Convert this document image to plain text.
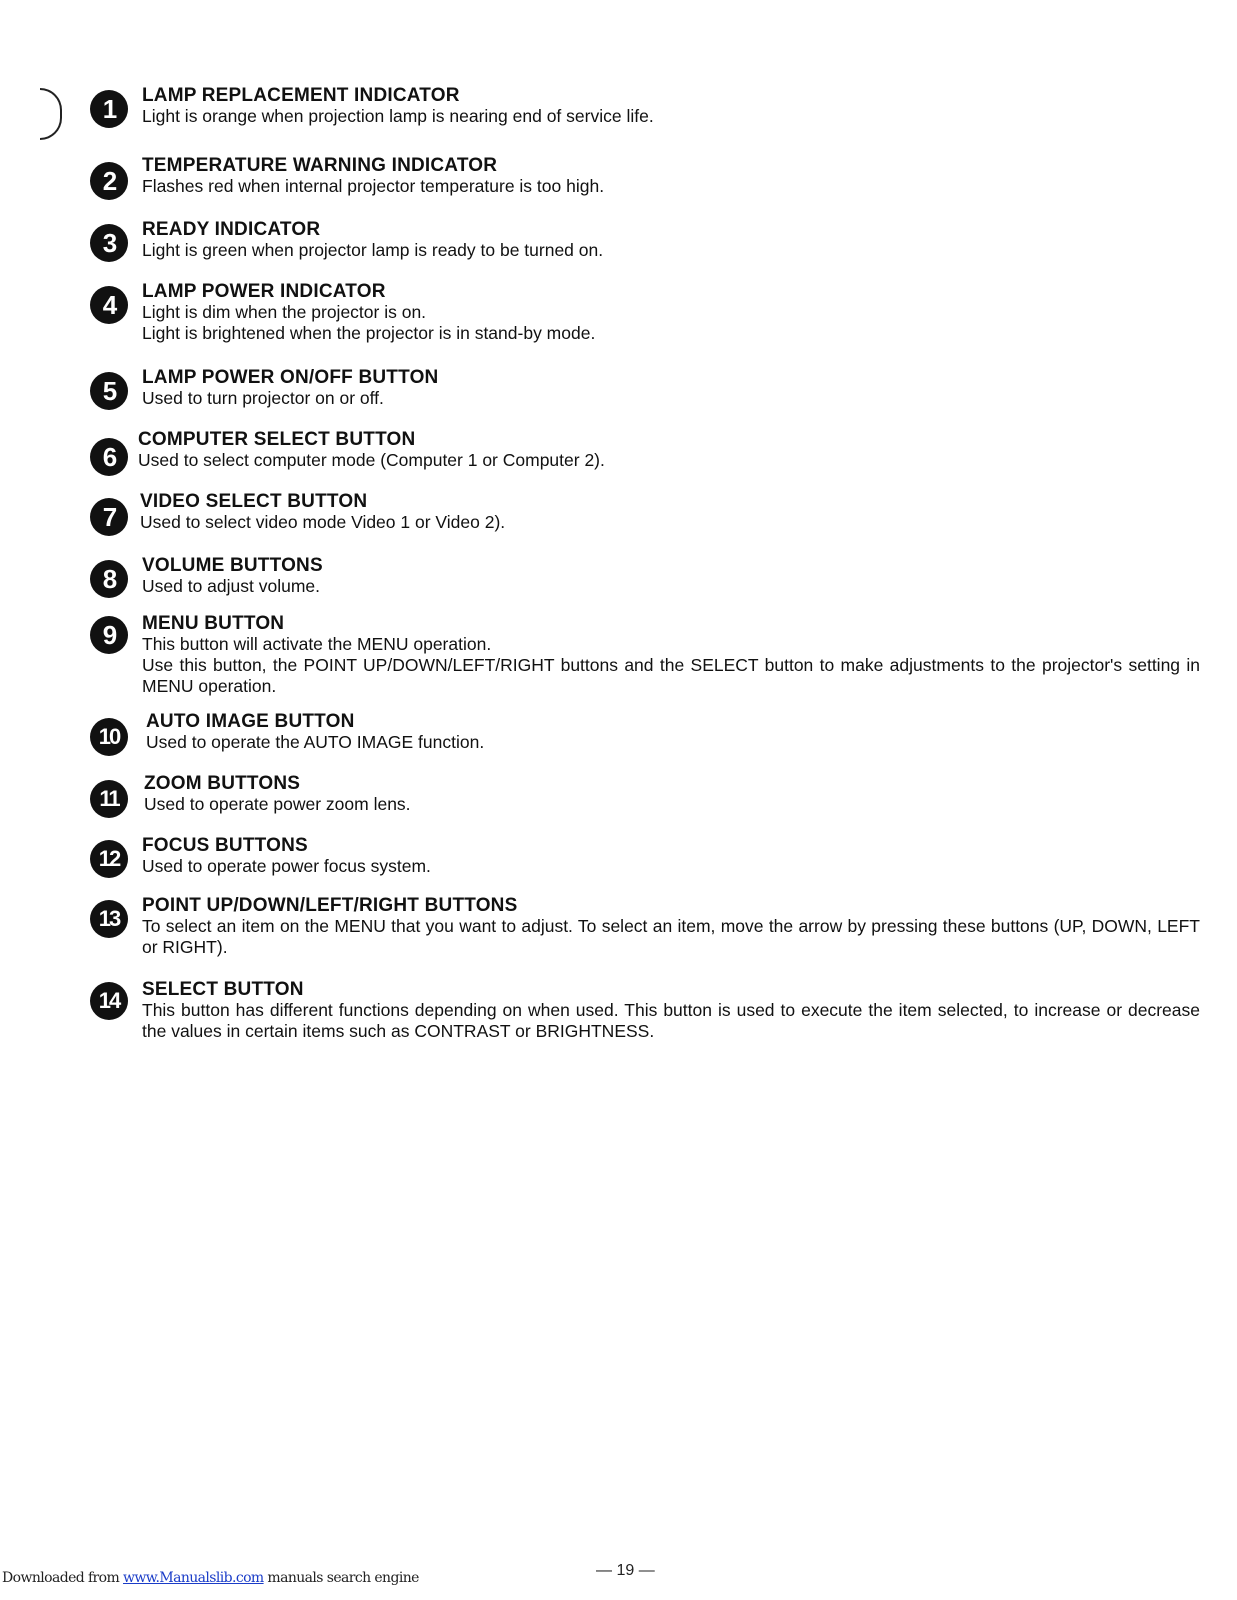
1	LAMP REPLACEMENT INDICATOR
Light is orange when projection lamp is nearing end of service life.
2
TEMPERATURE WARNING INDICATOR
Flashes red when internal projector temperature is too high.
3	READY INDICATOR
Light is green when projector lamp is ready to be turned on.
4	LAMP POWER INDICATOR
Light is dim when the projector is on.
Light is brightened when the projector is in stand-by mode.
5	LAMP POWER ON/OFF BUTTON
Used to turn projector on or off.
6
COMPUTER SELECT BUTTON
Used to select computer mode (Computer 1 or Computer 2).
7
VIDEO SELECT BUTTON
Used to select video mode Video 1 or Video 2).
8	VOLUME BUTTONS
Used to adjust volume.
9	MENU BUTTON
This button will activate the MENU operation.
Use this button, the POINT UP/DOWN/LEFT/RIGHT buttons and the SELECT button to make adjustments to the projector's setting in MENU operation.
10
AUTO IMAGE BUTTON
Used to operate the AUTO IMAGE function.
11
ZOOM BUTTONS
Used to operate power zoom lens.
12
FOCUS BUTTONS
Used to operate power focus system.
13
POINT UP/DOWN/LEFT/RIGHT BUTTONS
To select an item on the MENU that you want to adjust. To select an item, move the arrow by pressing these buttons (UP, DOWN, LEFT or RIGHT).
14	SELECT BUTTON
This button has different functions depending on when used. This button is used to execute the item selected, to increase or decrease the values in certain items such as CONTRAST or BRIGHTNESS.
— 19 —
Downloaded from www.Manualslib.com manuals search engine
